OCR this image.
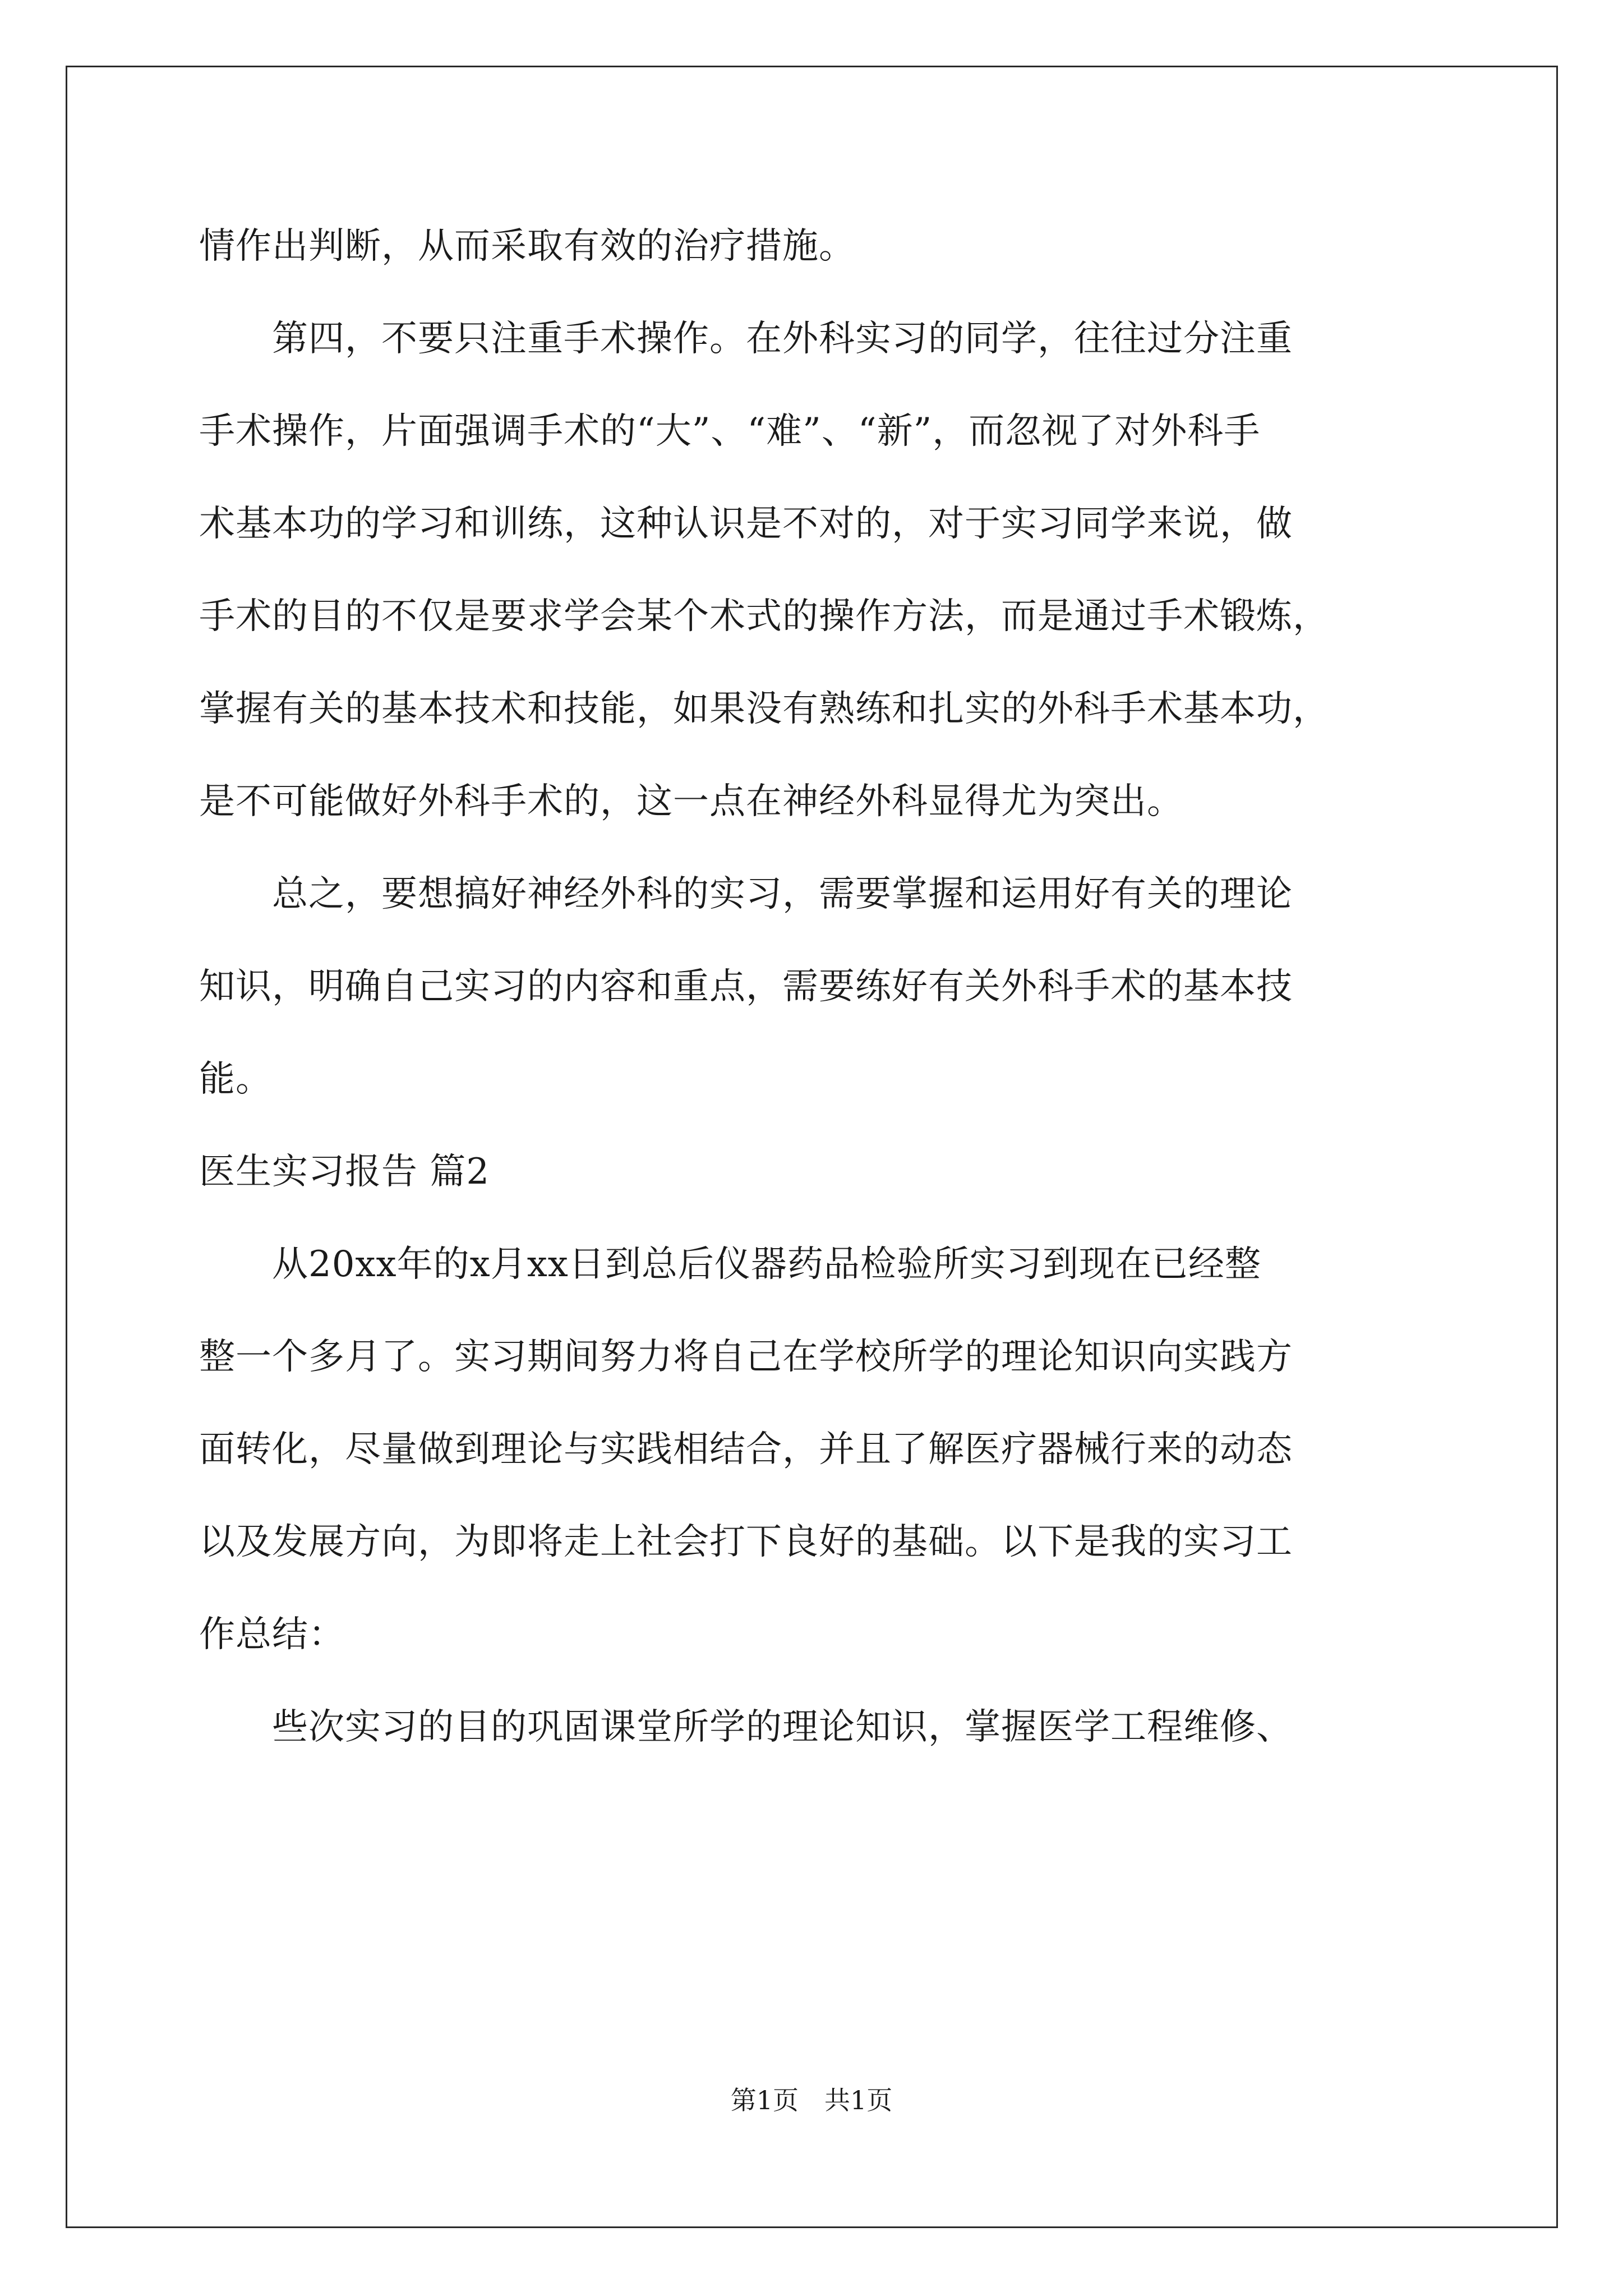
情作出判断，从而采取有效的治疗措施。
　　第四，不要只注重手术操作。在外科实习的同学，往往过分注重
手术操作，片面强调手术的“大”、“难”、“新”，而忽视了对外科手
术基本功的学习和训练，这种认识是不对的，对于实习同学来说，做
手术的目的不仅是要求学会某个术式的操作方法，而是通过手术锻炼，
掌握有关的基本技术和技能，如果没有熟练和扎实的外科手术基本功，
是不可能做好外科手术的，这一点在神经外科显得尤为突出。
　　总之，要想搞好神经外科的实习，需要掌握和运用好有关的理论
知识，明确自己实习的内容和重点，需要练好有关外科手术的基本技
能。
医生实习报告 篇2
　　从20xx年的x月xx日到总后仪器药品检验所实习到现在已经整
整一个多月了。实习期间努力将自己在学校所学的理论知识向实践方
面转化，尽量做到理论与实践相结合，并且了解医疗器械行来的动态
以及发展方向，为即将走上社会打下良好的基础。以下是我的实习工
作总结：
　　些次实习的目的巩固课堂所学的理论知识，掌握医学工程维修、
第1页　共1页
